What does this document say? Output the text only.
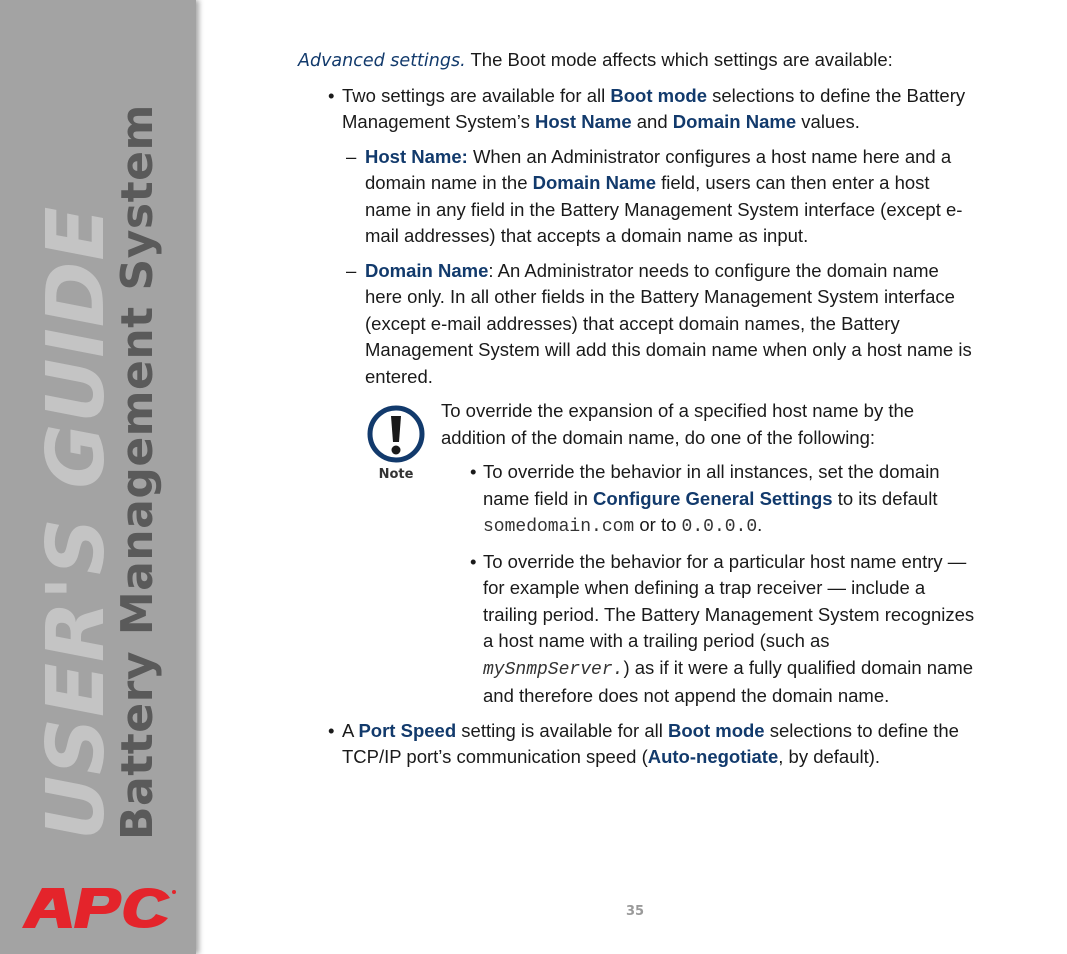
USER'S GUIDE
Battery Management System

Advanced settings. The Boot mode affects which settings are available:

• Two settings are available for all Boot mode selections to define the Battery Management System’s Host Name and Domain Name values.
– Host Name: When an Administrator configures a host name here and a domain name in the Domain Name field, users can then enter a host name in any field in the Battery Management System interface (except e-mail addresses) that accepts a domain name as input.
– Domain Name: An Administrator needs to configure the domain name here only. In all other fields in the Battery Management System interface (except e-mail addresses) that accept domain names, the Battery Management System will add this domain name when only a host name is entered.
Note

To override the expansion of a specified host name by the addition of the domain name, do one of the following:

• To override the behavior in all instances, set the domain name field in Configure General Settings to its default somedomain.com or to 0.0.0.0.
• To override the behavior for a particular host name entry — for example when defining a trap receiver — include a trailing period. The Battery Management System recognizes a host name with a trailing period (such as mySnmpServer.) as if it were a fully qualified domain name and therefore does not append the domain name.
• A Port Speed setting is available for all Boot mode selections to define the TCP/IP port’s communication speed (Auto-negotiate, by default).
35
